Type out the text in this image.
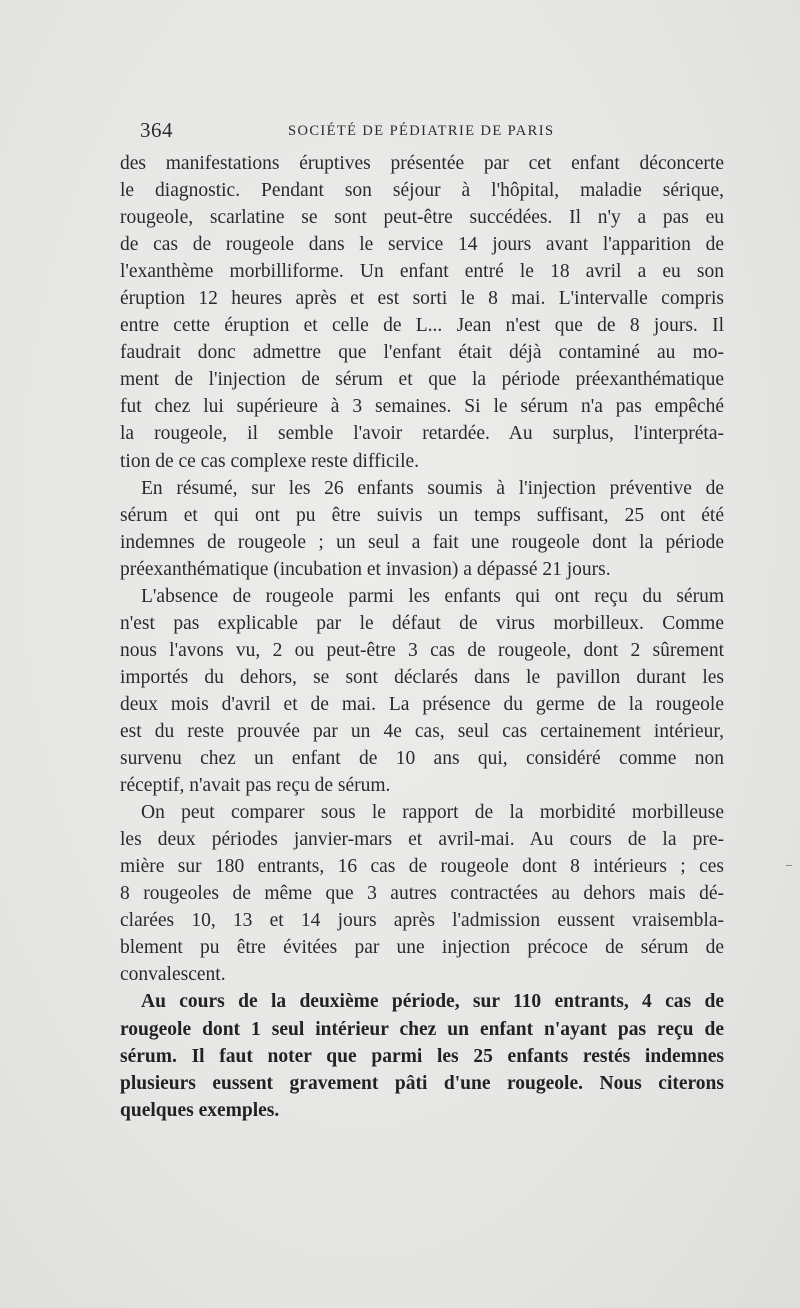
364	SOCIÉTÉ DE PÉDIATRIE DE PARIS
des manifestations éruptives présentée par cet enfant déconcerte
le diagnostic. Pendant son séjour à l'hôpital, maladie sérique,
rougeole, scarlatine se sont peut-être succédées. Il n'y a pas eu
de cas de rougeole dans le service 14 jours avant l'apparition de
l'exanthème morbilliforme. Un enfant entré le 18 avril a eu son
éruption 12 heures après et est sorti le 8 mai. L'intervalle compris
entre cette éruption et celle de L... Jean n'est que de 8 jours. Il
faudrait donc admettre que l'enfant était déjà contaminé au mo-
ment de l'injection de sérum et que la période préexanthématique
fut chez lui supérieure à 3 semaines. Si le sérum n'a pas empêché
la rougeole, il semble l'avoir retardée. Au surplus, l'interpréta-
tion de ce cas complexe reste difficile.
En résumé, sur les 26 enfants soumis à l'injection préventive de
sérum et qui ont pu être suivis un temps suffisant, 25 ont été
indemnes de rougeole ; un seul a fait une rougeole dont la période
préexanthématique (incubation et invasion) a dépassé 21 jours.
L'absence de rougeole parmi les enfants qui ont reçu du sérum
n'est pas explicable par le défaut de virus morbilleux. Comme
nous l'avons vu, 2 ou peut-être 3 cas de rougeole, dont 2 sûrement
importés du dehors, se sont déclarés dans le pavillon durant les
deux mois d'avril et de mai. La présence du germe de la rougeole
est du reste prouvée par un 4e cas, seul cas certainement intérieur,
survenu chez un enfant de 10 ans qui, considéré comme non
réceptif, n'avait pas reçu de sérum.
On peut comparer sous le rapport de la morbidité morbilleuse
les deux périodes janvier-mars et avril-mai. Au cours de la pre-
mière sur 180 entrants, 16 cas de rougeole dont 8 intérieurs ; ces
8 rougeoles de même que 3 autres contractées au dehors mais dé-
clarées 10, 13 et 14 jours après l'admission eussent vraisembla-
blement pu être évitées par une injection précoce de sérum de
convalescent.
Au cours de la deuxième période, sur 110 entrants, 4 cas de
rougeole dont 1 seul intérieur chez un enfant n'ayant pas reçu de
sérum. Il faut noter que parmi les 25 enfants restés indemnes
plusieurs eussent gravement pâti d'une rougeole. Nous citerons
quelques exemples.
–
